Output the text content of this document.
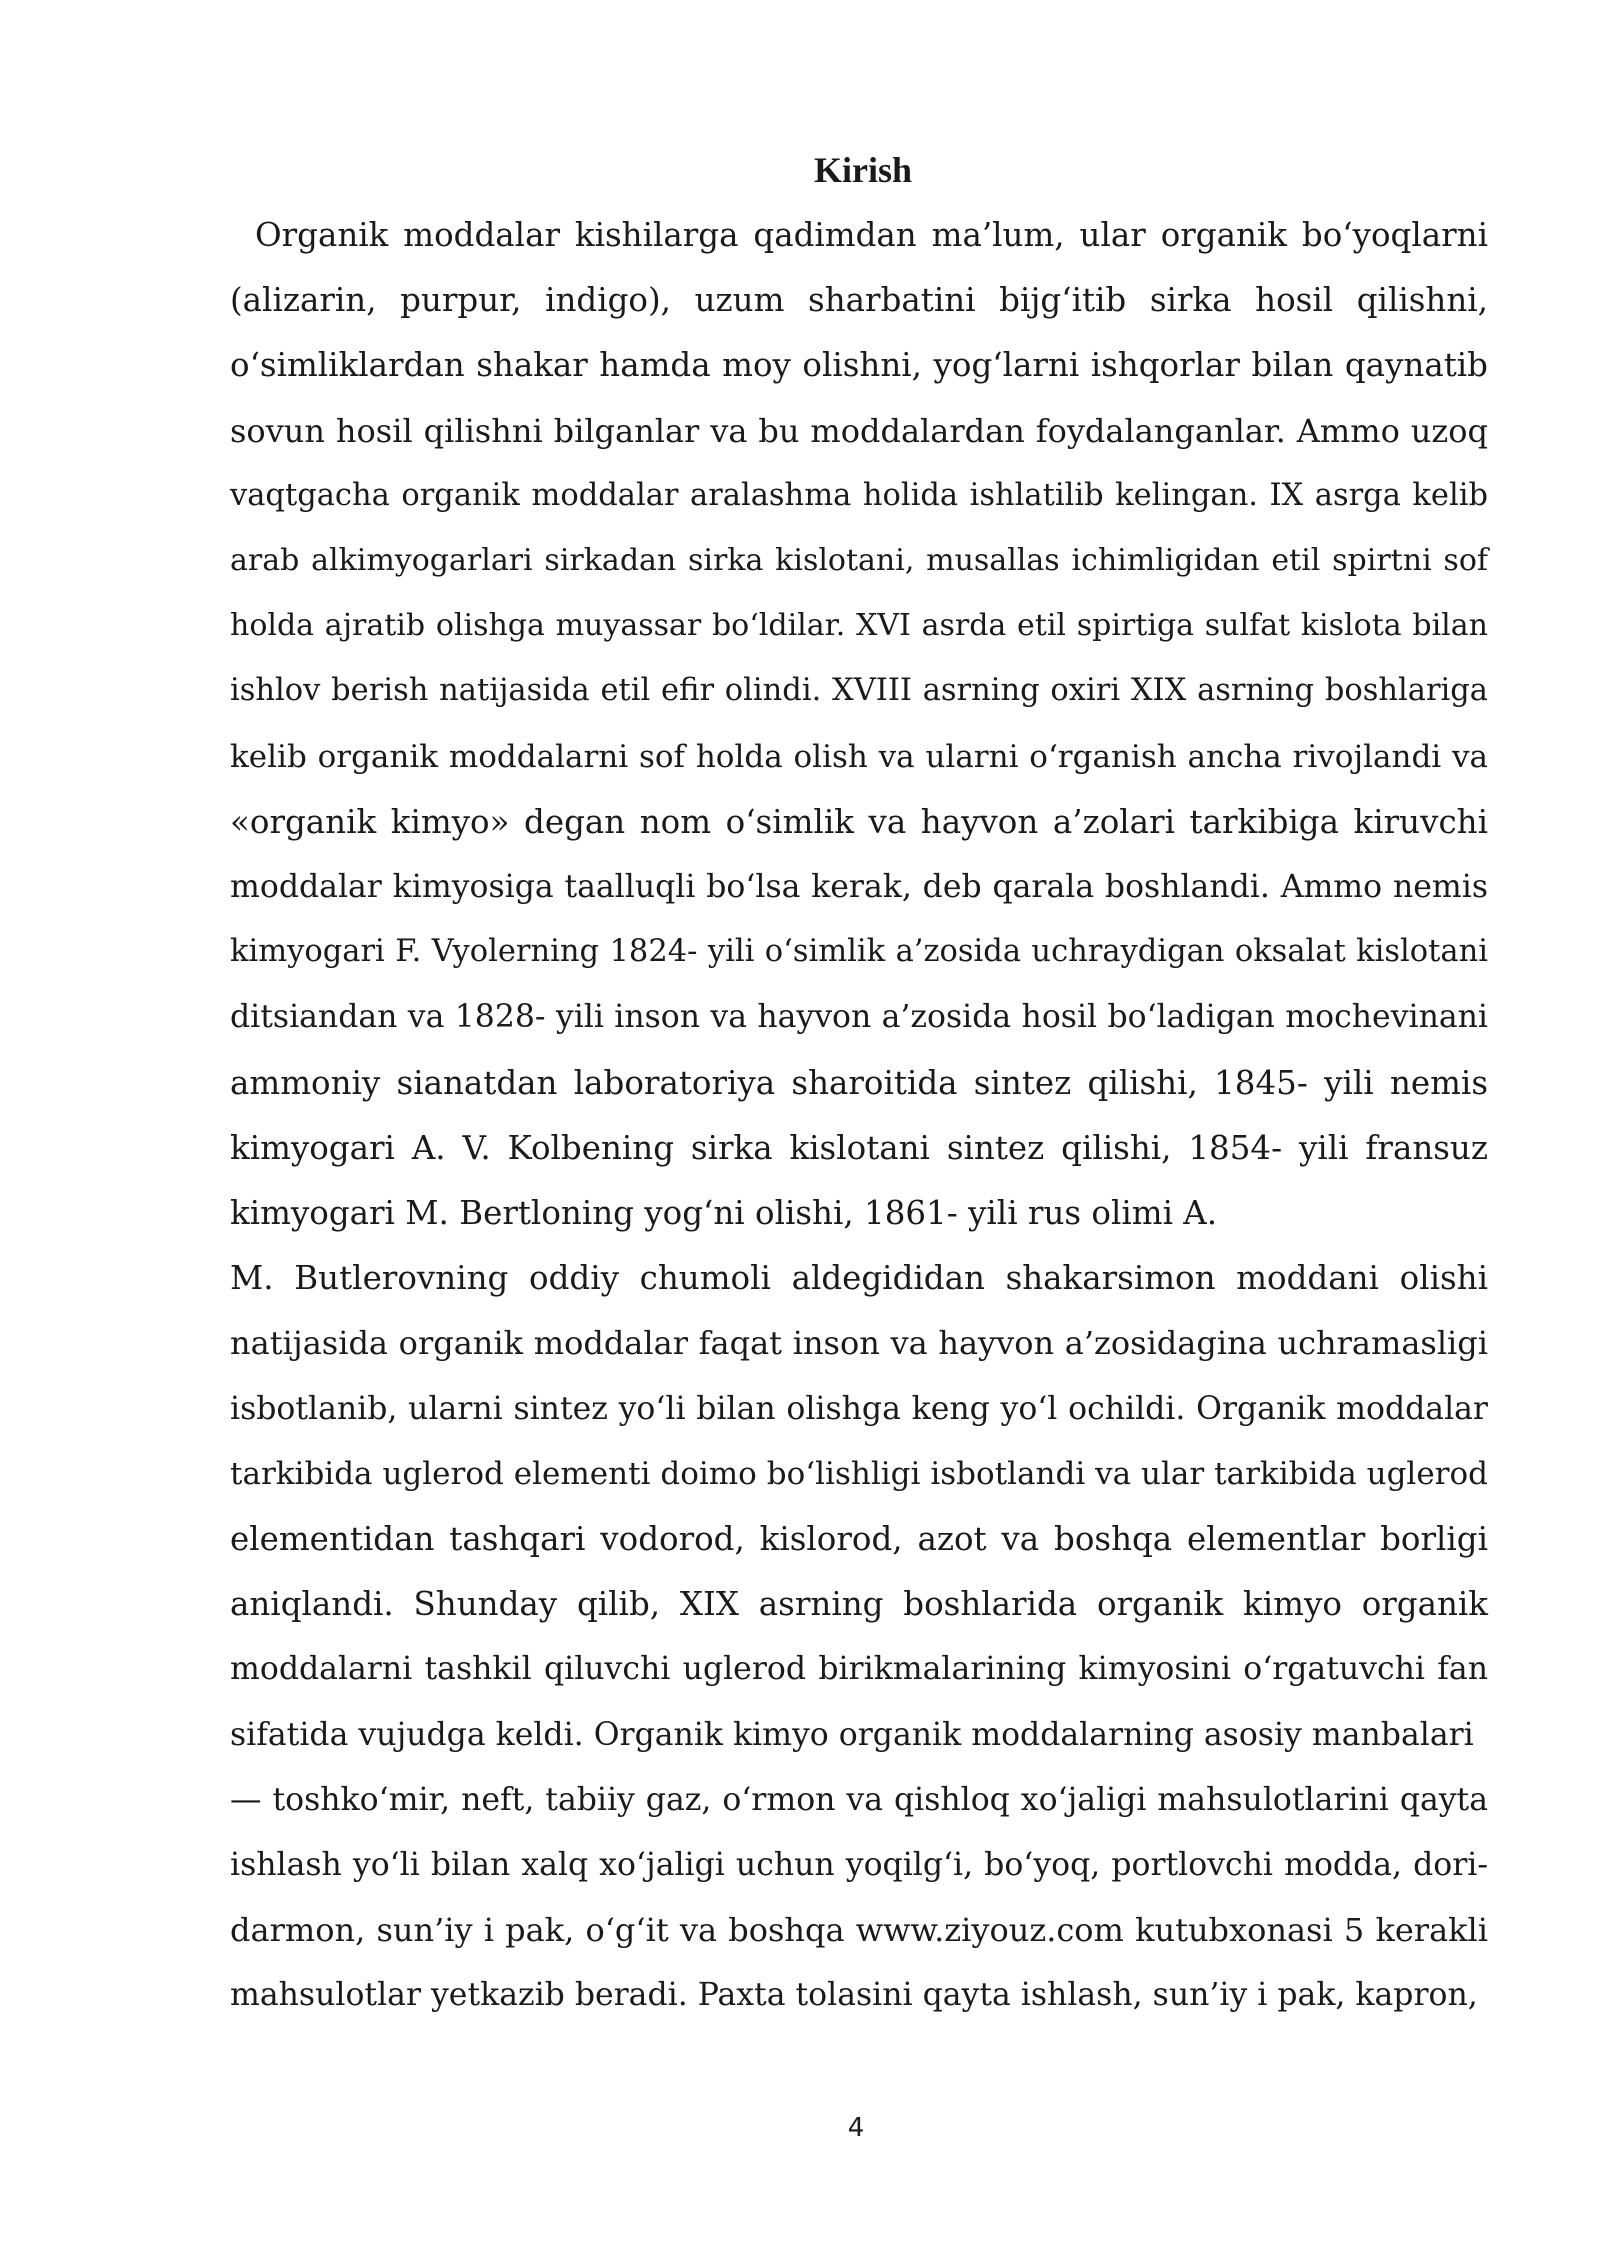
Kirish
Organik moddalar kishilarga qadimdan ma’lum, ular organik bo‘yoqlarni
(alizarin, purpur, indigo), uzum sharbatini bijg‘itib sirka hosil qilishni,
o‘simliklardan shakar hamda moy olishni, yog‘larni ishqorlar bilan qaynatib
sovun hosil qilishni bilganlar va bu moddalardan foydalanganlar. Ammo uzoq
vaqtgacha organik moddalar aralashma holida ishlatilib kelingan. IX asrga kelib
arab alkimyogarlari sirkadan sirka kislotani, musallas ichimligidan etil spirtni sof
holda ajratib olishga muyassar bo‘ldilar. XVI asrda etil spirtiga sulfat kislota bilan
ishlov berish natijasida etil efir olindi. XVIII asrning oxiri XIX asrning boshlariga
kelib organik moddalarni sof holda olish va ularni o‘rganish ancha rivojlandi va
«organik kimyo» degan nom o‘simlik va hayvon a’zolari tarkibiga kiruvchi
moddalar kimyosiga taalluqli bo‘lsa kerak, deb qarala boshlandi. Ammo nemis
kimyogari F. Vyolerning 1824- yili o‘simlik a’zosida uchraydigan oksalat kislotani
ditsiandan va 1828- yili inson va hayvon a’zosida hosil bo‘ladigan mochevinani
ammoniy sianatdan laboratoriya sharoitida sintez qilishi, 1845- yili nemis
kimyogari A. V. Kolbening sirka kislotani sintez qilishi, 1854- yili fransuz
kimyogari M. Bertloning yog‘ni olishi, 1861- yili rus olimi A.
M. Butlerovning oddiy chumoli aldegididan shakarsimon moddani olishi
natijasida organik moddalar faqat inson va hayvon a’zosidagina uchramasligi
isbotlanib, ularni sintez yo‘li bilan olishga keng yo‘l ochildi. Organik moddalar
tarkibida uglerod elementi doimo bo‘lishligi isbotlandi va ular tarkibida uglerod
elementidan tashqari vodorod, kislorod, azot va boshqa elementlar borligi
aniqlandi. Shunday qilib, XIX asrning boshlarida organik kimyo organik
moddalarni tashkil qiluvchi uglerod birikmalarining kimyosini o‘rgatuvchi fan
sifatida vujudga keldi. Organik kimyo organik moddalarning asosiy manbalari
— toshko‘mir, neft, tabiiy gaz, o‘rmon va qishloq xo‘jaligi mahsulotlarini qayta
ishlash yo‘li bilan xalq xo‘jaligi uchun yoqilg‘i, bo‘yoq, portlovchi modda, dori-
darmon, sun’iy i pak, o‘g‘it va boshqa www.ziyouz.com kutubxonasi 5 kerakli
mahsulotlar yetkazib beradi. Paxta tolasini qayta ishlash, sun’iy i pak, kapron,
4
